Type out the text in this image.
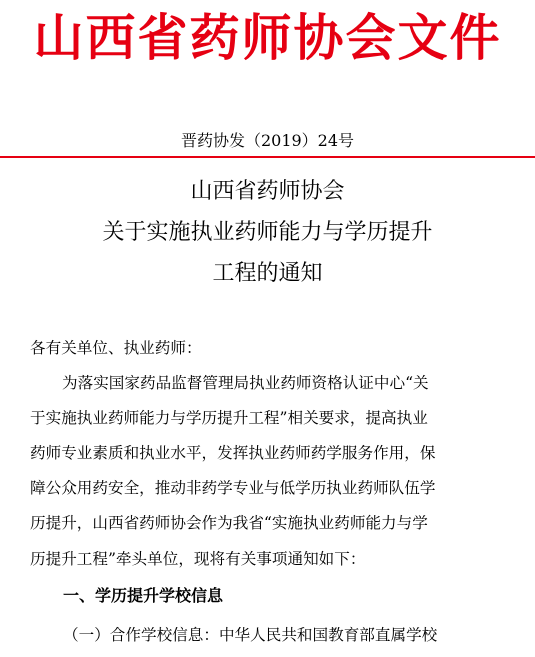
山西省药师协会文件
晋药协发（2019）24号
山西省药师协会
关于实施执业药师能力与学历提升
工程的通知
各有关单位、执业药师：
为落实国家药品监督管理局执业药师资格认证中心“关
于实施执业药师能力与学历提升工程”相关要求，提高执业
药师专业素质和执业水平，发挥执业药师药学服务作用，保
障公众用药安全，推动非药学专业与低学历执业药师队伍学
历提升，山西省药师协会作为我省“实施执业药师能力与学
历提升工程”牵头单位，现将有关事项通知如下：
一、学历提升学校信息
（一）合作学校信息：中华人民共和国教育部直属学校
